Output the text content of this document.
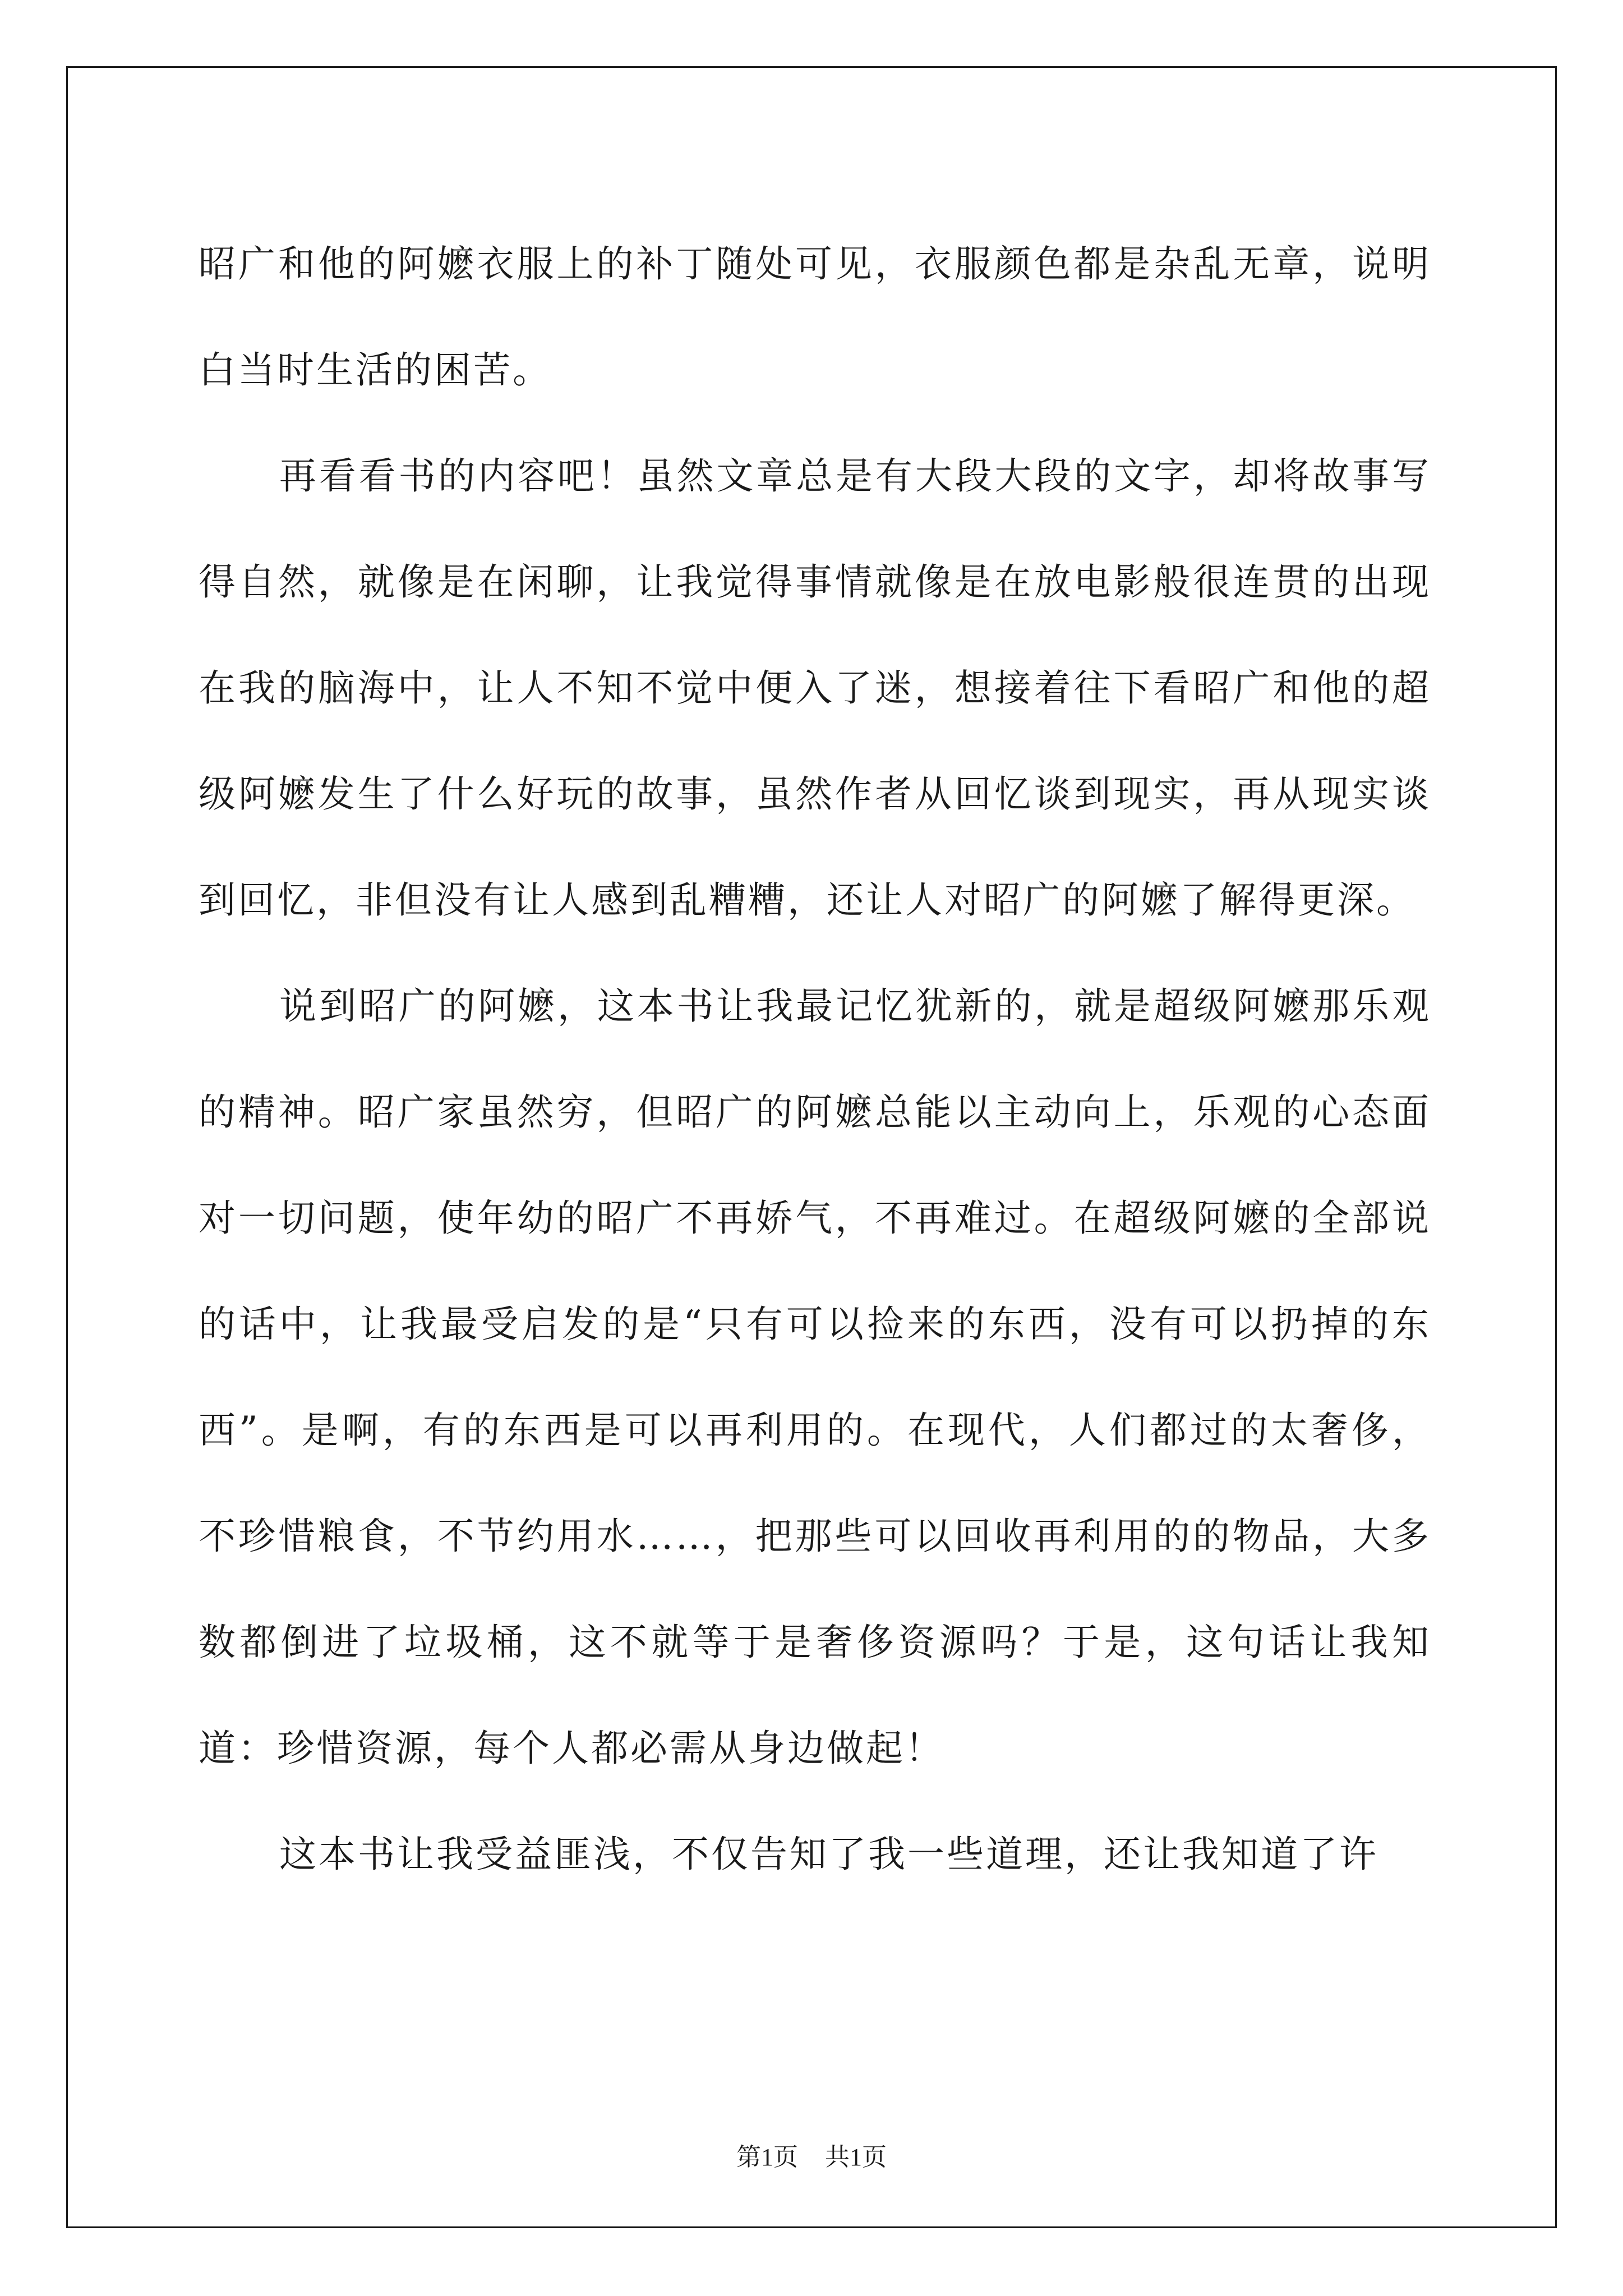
昭广和他的阿嬷衣服上的补丁随处可见，衣服颜色都是杂乱无章，说明白当时生活的困苦。

再看看书的内容吧！虽然文章总是有大段大段的文字，却将故事写得自然，就像是在闲聊，让我觉得事情就像是在放电影般很连贯的出现在我的脑海中，让人不知不觉中便入了迷，想接着往下看昭广和他的超级阿嬷发生了什么好玩的故事，虽然作者从回忆谈到现实，再从现实谈到回忆，非但没有让人感到乱糟糟，还让人对昭广的阿嬷了解得更深。

说到昭广的阿嬷，这本书让我最记忆犹新的，就是超级阿嬷那乐观的精神。昭广家虽然穷，但昭广的阿嬷总能以主动向上，乐观的心态面对一切问题，使年幼的昭广不再娇气，不再难过。在超级阿嬷的全部说的话中，让我最受启发的是“只有可以捡来的东西，没有可以扔掉的东西”。是啊，有的东西是可以再利用的。在现代，人们都过的太奢侈，不珍惜粮食，不节约用水……，把那些可以回收再利用的的物品，大多数都倒进了垃圾桶，这不就等于是奢侈资源吗？于是，这句话让我知道：珍惜资源，每个人都必需从身边做起！

这本书让我受益匪浅，不仅告知了我一些道理，还让我知道了许

第1页 共1页
